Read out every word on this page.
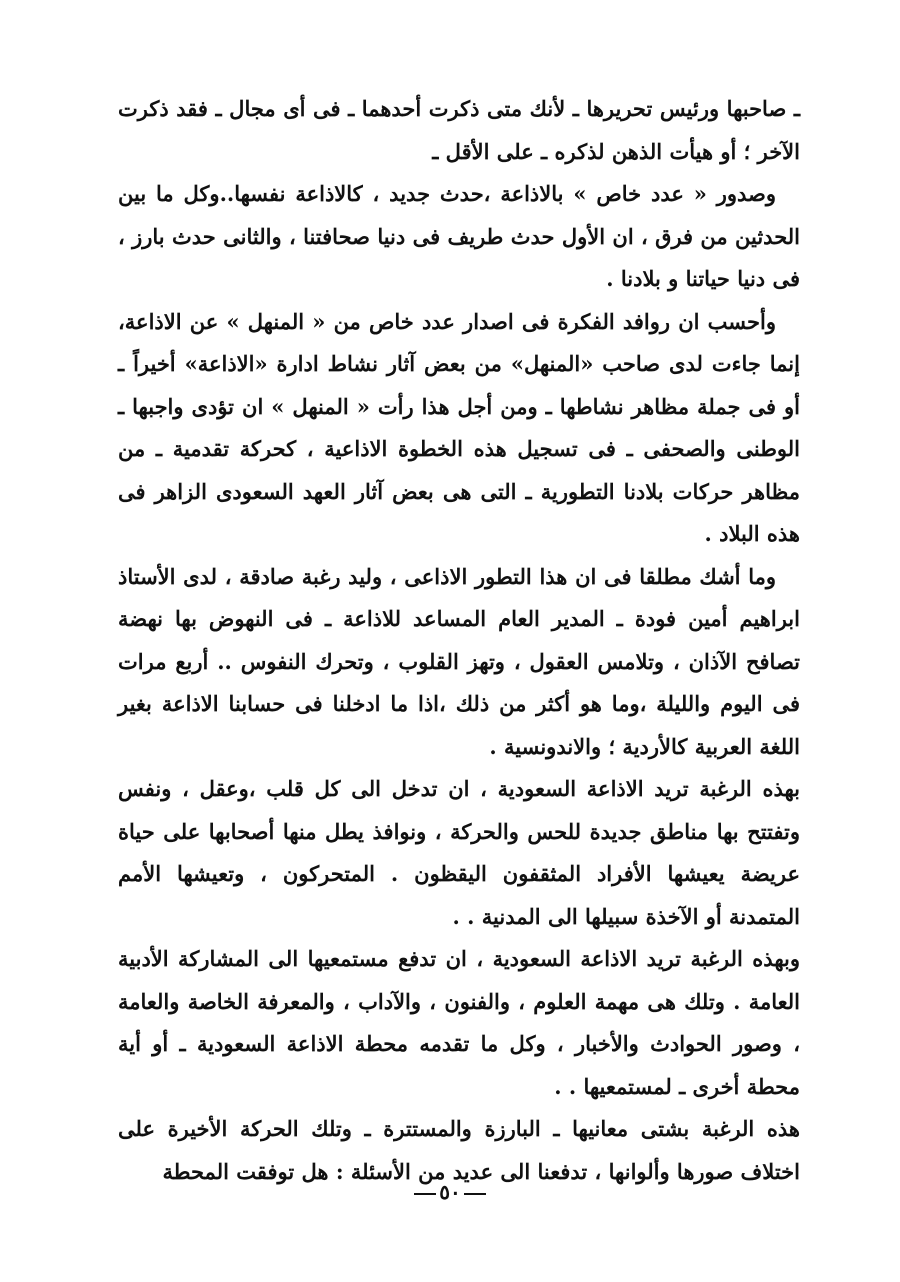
ـ صاحبها ورئيس تحريرها ـ لأنك متى ذكرت أحدهما ـ فى أى مجال ـ فقد ذكرت الآخر ؛ أو هيأت الذهن لذكره ـ على الأقل ـ

وصدور « عدد خاص » بالاذاعة ،حدث جديد ، كالاذاعة نفسها..وكل ما بين الحدثين من فرق ، ان الأول حدث طريف فى دنيا صحافتنا ، والثانى حدث بارز ، فى دنيا حياتنا و بلادنا .

وأحسب ان روافد الفكرة فى اصدار عدد خاص من « المنهل » عن الاذاعة، إنما جاءت لدى صاحب «المنهل» من بعض آثار نشاط ادارة «الاذاعة» أخيراً ـ أو فى جملة مظاهر نشاطها ـ ومن أجل هذا رأت « المنهل » ان تؤدى واجبها ـ الوطنى والصحفى ـ فى تسجيل هذه الخطوة الاذاعية ، كحركة تقدمية ـ من مظاهر حركات بلادنا التطورية ـ التى هى بعض آثار العهد السعودى الزاهر فى هذه البلاد .

وما أشك مطلقا فى ان هذا التطور الاذاعى ، وليد رغبة صادقة ، لدى الأستاذ ابراهيم أمين فودة ـ المدير العام المساعد للاذاعة ـ فى النهوض بها نهضة تصافح الآذان ، وتلامس العقول ، وتهز القلوب ، وتحرك النفوس .. أربع مرات فى اليوم والليلة ،وما هو أكثر من ذلك ،اذا ما ادخلنا فى حسابنا الاذاعة بغير اللغة العربية كالأردية ؛ والاندونسية .

بهذه الرغبة تريد الاذاعة السعودية ، ان تدخل الى كل قلب ،وعقل ، ونفس وتفتتح بها مناطق جديدة للحس والحركة ، ونوافذ يطل منها أصحابها على حياة عريضة يعيشها الأفراد المثقفون اليقظون . المتحركون ، وتعيشها الأمم المتمدنة أو الآخذة سبيلها الى المدنية . .

وبهذه الرغبة تريد الاذاعة السعودية ، ان تدفع مستمعيها الى المشاركة الأدبية العامة . وتلك هى مهمة العلوم ، والفنون ، والآداب ، والمعرفة الخاصة والعامة ، وصور الحوادث والأخبار ، وكل ما تقدمه محطة الاذاعة السعودية ـ أو أية محطة أخرى ـ لمستمعيها . .

هذه الرغبة بشتى معانيها ـ البارزة والمستترة ـ وتلك الحركة الأخيرة على اختلاف صورها وألوانها ، تدفعنا الى عديد من الأسئلة : هل توفقت المحطة

٥٠
